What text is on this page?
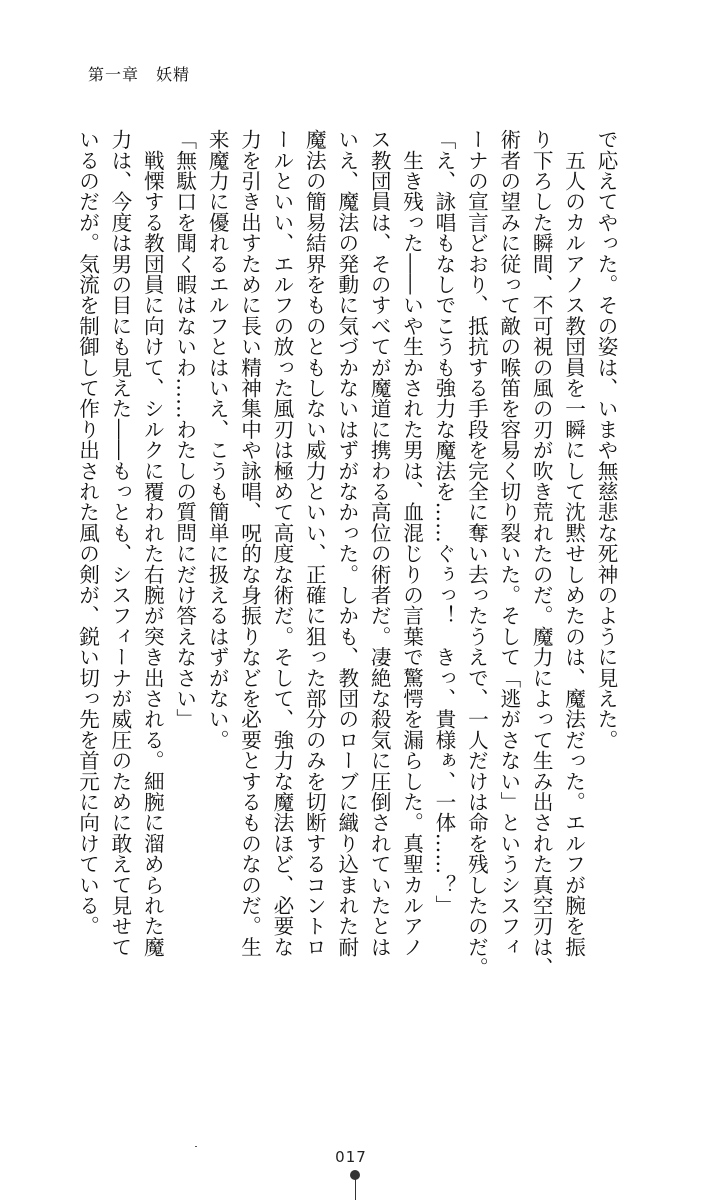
第一章　妖精
で応えてやった。その姿は、いまや無慈悲な死神のように見えた。
　五人のカルアノス教団員を一瞬にして沈黙せしめたのは、魔法だった。エルフが腕を振
り下ろした瞬間、不可視の風の刃が吹き荒れたのだ。魔力によって生み出された真空刃は、
術者の望みに従って敵の喉笛を容易く切り裂いた。そして「逃がさない」というシスフィ
ーナの宣言どおり、抵抗する手段を完全に奪い去ったうえで、一人だけは命を残したのだ。
「え、詠唱もなしでこうも強力な魔法を……ぐぅっ！　きっ、貴様ぁ、一体……？」
　生き残った――いや生かされた男は、血混じりの言葉で驚愕を漏らした。真聖カルアノ
ス教団員は、そのすべてが魔道に携わる高位の術者だ。凄絶な殺気に圧倒されていたとは
いえ、魔法の発動に気づかないはずがなかった。しかも、教団のローブに織り込まれた耐
魔法の簡易結界をものともしない威力といい、正確に狙った部分のみを切断するコントロ
ールといい、エルフの放った風刃は極めて高度な術だ。そして、強力な魔法ほど、必要な
力を引き出すために長い精神集中や詠唱、呪的な身振りなどを必要とするものなのだ。生
来魔力に優れるエルフとはいえ、こうも簡単に扱えるはずがない。
「無駄口を聞く暇はないわ……わたしの質問にだけ答えなさい」
　戦慄する教団員に向けて、シルクに覆われた右腕が突き出される。細腕に溜められた魔
力は、今度は男の目にも見えた――もっとも、シスフィーナが威圧のために敢えて見せて
いるのだが。気流を制御して作り出された風の剣が、鋭い切っ先を首元に向けている。
017
